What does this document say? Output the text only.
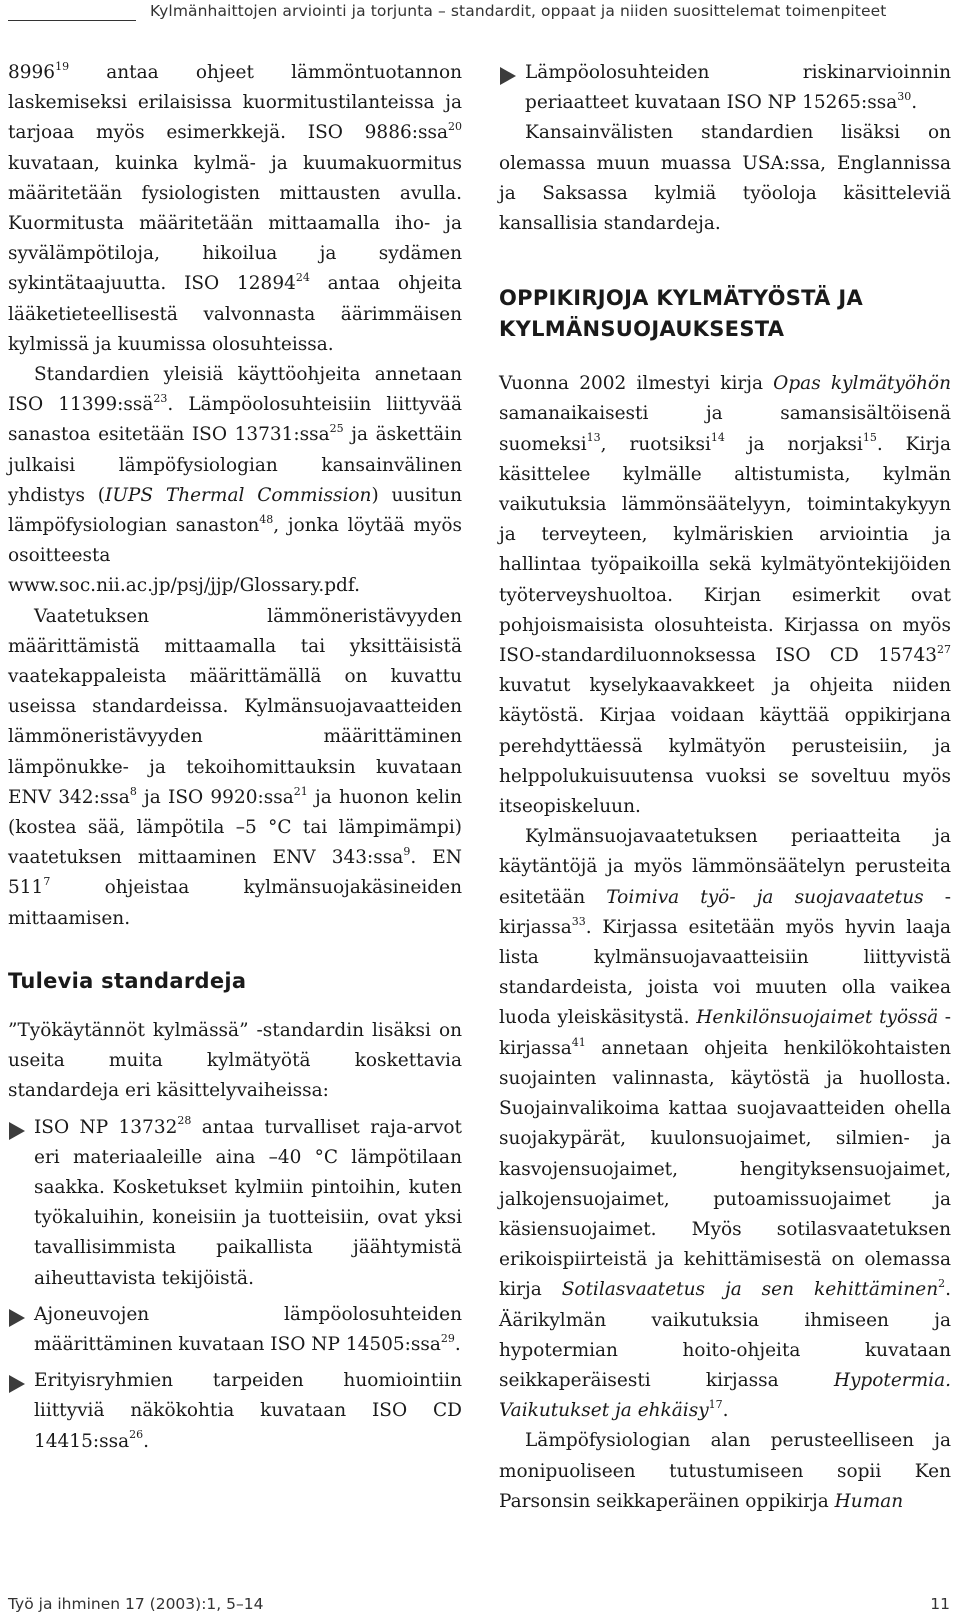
Kylmänhaittojen arviointi ja torjunta – standardit, oppaat ja niiden suosittelemat toimenpiteet

8996$^{19}$ antaa ohjeet lämmöntuotannon laskemiseksi erilaisissa kuormitustilanteissa ja tarjoaa myös esimerkkejä. ISO 9886:ssa$^{20}$ kuvataan, kuinka kylmä- ja kuumakuormitus määritetään fysiologisten mittausten avulla. Kuormitusta määritetään mittaamalla iho- ja syvälämpötiloja, hikoilua ja sydämen sykintätaajuutta. ISO 12894$^{24}$ antaa ohjeita lääketieteellisestä valvonnasta äärimmäisen kylmissä ja kuumissa olosuhteissa.

Standardien yleisiä käyttöohjeita annetaan ISO 11399:ssä$^{23}$. Lämpöolosuhteisiin liittyvää sanastoa esitetään ISO 13731:ssa$^{25}$ ja äskettäin julkaisi lämpöfysiologian kansainvälinen yhdistys (IUPS Thermal Commission) uusitun lämpöfysiologian sanaston$^{48}$, jonka löytää myös osoitteesta www.soc.nii.ac.jp/psj/jjp/Glossary.pdf.

Vaatetuksen lämmöneristävyyden määrittämistä mittaamalla tai yksittäisistä vaatekappaleista määrittämällä on kuvattu useissa standardeissa. Kylmänsuojavaatteiden lämmöneristävyyden määrittäminen lämpönukke- ja tekoihomittauksin kuvataan ENV 342:ssa$^8$ ja ISO 9920:ssa$^{21}$ ja huonon kelin (kostea sää, lämpötila –5 °C tai lämpimämpi) vaatetuksen mittaaminen ENV 343:ssa$^9$. EN $511^7$ ohjeistaa kylmänsuojakäsineiden mittaamisen.

Tulevia standardeja

”Työkäytännöt kylmässä” -standardin lisäksi on useita muita kylmätyötä koskettavia standardeja eri käsittelyvaiheissa:

ISO NP 13732$^{28}$ antaa turvalliset raja-arvot eri materiaaleille aina –40 °C lämpötilaan saakka. Kosketukset kylmiin pintoihin, kuten työkaluihin, koneisiin ja tuotteisiin, ovat yksi tavallisimmista paikallista jäähtymistä aiheuttavista tekijöistä.

Ajoneuvojen lämpöolosuhteiden määrittäminen kuvataan ISO NP 14505:ssa$^{29}$.

Erityisryhmien tarpeiden huomiointiin liittyviä näkökohtia kuvataan ISO CD 14415:ssa$^{26}$.

Lämpöolosuhteiden riskinarvioinnin periaatteet kuvataan ISO NP 15265:ssa$^{30}$.

Kansainvälisten standardien lisäksi on olemassa muun muassa USA:ssa, Englannissa ja Saksassa kylmiä työoloja käsitteleviä kansallisia standardeja.

OPPIKIRJOJA KYLMÄTYÖSTÄ JA KYLMÄNSUOJAUKSESTA

Vuonna 2002 ilmestyi kirja Opas kylmätyöhön samanaikaisesti ja samansisältöisenä suomeksi$^{13}$, ruotsiksi$^{14}$ ja norjaksi$^{15}$. Kirja käsittelee kylmälle altistumista, kylmän vaikutuksia lämmönsäätelyyn, toimintakykyyn ja terveyteen, kylmäriskien arviointia ja hallintaa työpaikoilla sekä kylmätyöntekijöiden työterveyshuoltoa. Kirjan esimerkit ovat pohjoismaisista olosuhteista. Kirjassa on myös ISO-standardiluonnoksessa ISO CD 15743$^{27}$ kuvatut kyselykaavakkeet ja ohjeita niiden käytöstä. Kirjaa voidaan käyttää oppikirjana perehdyttäessä kylmätyön perusteisiin, ja helppolukuisuutensa vuoksi se soveltuu myös itseopiskeluun.

Kylmänsuojavaatetuksen periaatteita ja käytäntöjä ja myös lämmönsäätelyn perusteita esitetään Toimiva työ- ja suojavaatetus -kirjassa$^{33}$. Kirjassa esitetään myös hyvin laaja lista kylmänsuojavaatteisiin liittyvistä standardeista, joista voi muuten olla vaikea luoda yleiskäsitystä. Henkilönsuojaimet työssä -kirjassa$^{41}$ annetaan ohjeita henkilökohtaisten suojainten valinnasta, käytöstä ja huollosta. Suojainvalikoima kattaa suojavaatteiden ohella suojakypärät, kuulonsuojaimet, silmien- ja kasvojensuojaimet, hengityksensuojaimet, jalkojensuojaimet, putoamissuojaimet ja käsiensuojaimet. Myös sotilasvaatetuksen erikoispiirteistä ja kehittämisestä on olemassa kirja Sotilasvaatetus ja sen kehittäminen$^2$. Äärikylmän vaikutuksia ihmiseen ja hypotermian hoito-ohjeita kuvataan seikkaperäisesti kirjassa Hypotermia. Vaikutukset ja ehkäisy$^{17}$.

Lämpöfysiologian alan perusteelliseen ja monipuoliseen tutustumiseen sopii Ken Parsonsin seikkaperäinen oppikirja Human

Työ ja ihminen 17 (2003):1, 5–14	11
